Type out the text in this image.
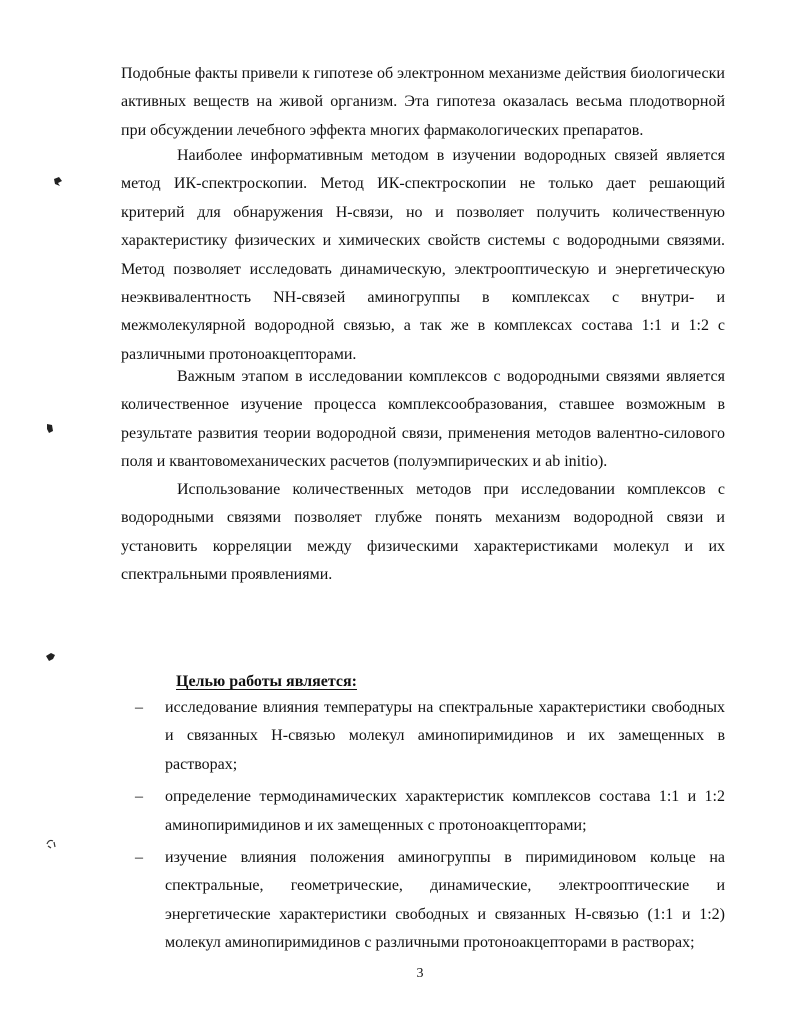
Подобные факты привели к гипотезе об электронном механизме действия биологически активных веществ на живой организм. Эта гипотеза оказалась весьма плодотворной при обсуждении лечебного эффекта многих фармакологических препаратов.

Наиболее информативным методом в изучении водородных связей является метод ИК-спектроскопии. Метод ИК-спектроскопии не только дает решающий критерий для обнаружения Н-связи, но и позволяет получить количественную характеристику физических и химических свойств системы с водородными связями. Метод позволяет исследовать динамическую, электрооптическую и энергетическую неэквивалентность NH-связей аминогруппы в комплексах с внутри- и межмолекулярной водородной связью, а так же в комплексах состава 1:1 и 1:2 с различными протоноакцепторами.

Важным этапом в исследовании комплексов с водородными связями является количественное изучение процесса комплексообразования, ставшее возможным в результате развития теории водородной связи, применения методов валентно-силового поля и квантовомеханических расчетов (полуэмпирических и ab initio).

Использование количественных методов при исследовании комплексов с водородными связями позволяет глубже понять механизм водородной связи и установить корреляции между физическими характеристиками молекул и их спектральными проявлениями.

Целью работы является:
– исследование влияния температуры на спектральные характеристики свободных и связанных Н-связью молекул аминопиримидинов и их замещенных в растворах;
– определение термодинамических характеристик комплексов состава 1:1 и 1:2 аминопиримидинов и их замещенных с протоноакцепторами;
– изучение влияния положения аминогруппы в пиримидиновом кольце на спектральные, геометрические, динамические, электрооптические и энергетические характеристики свободных и связанных Н-связью (1:1 и 1:2) молекул аминопиримидинов с различными протоноакцепторами в растворах;

3
